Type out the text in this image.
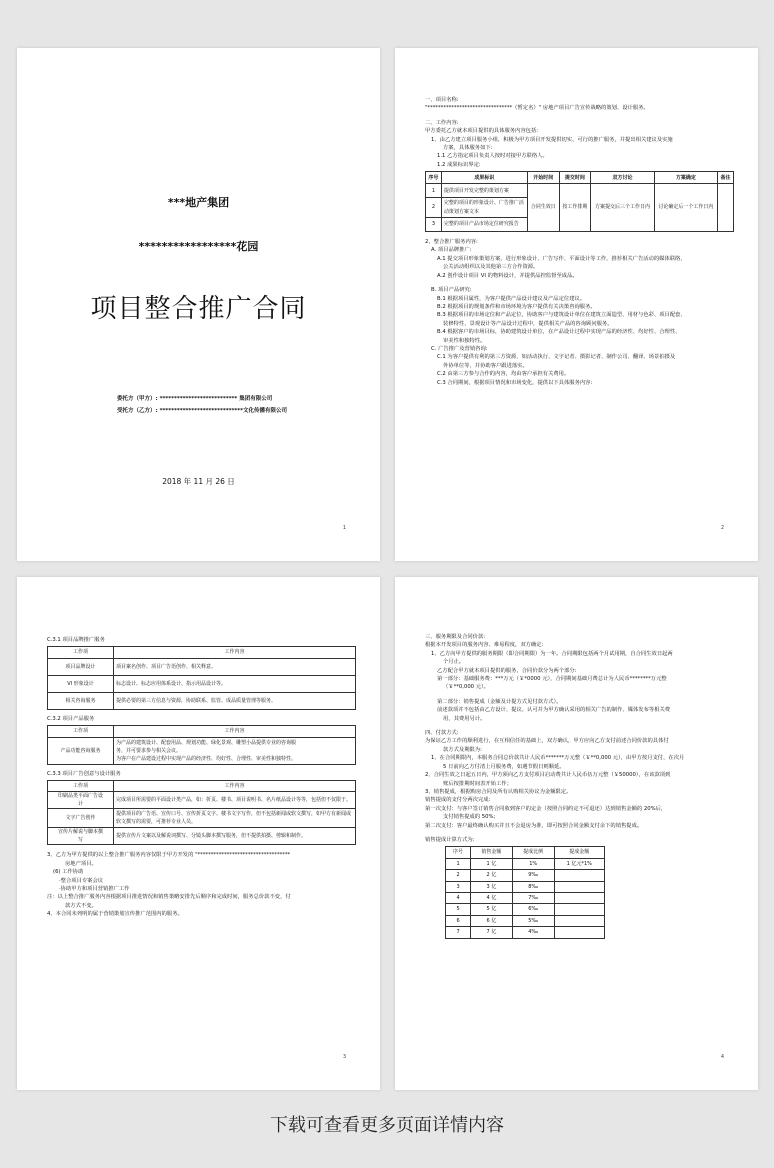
***地产集团
*****************花园
项目整合推广合同
委托方（甲方）: *************************** 集团有限公司
受托方（乙方）: *****************************文化传播有限公司
2018 年 11 月 26 日
1

一、项目名称:

"********************************（暂定名）" 房地产项目广告宣传战略的策划、设计服务。

二、工作内容:

甲方委托乙方就本项目提供的具体服务内容包括:

1、由乙方建立项目服务小组，积极为甲方项目开发提供切实、可行的推广服务，并提出相关建议及实施

方案，具体服务如下:

1.1 乙方指定项目负责人按时对接甲方联络人。

1.2 成果标识界定:

序号	成果标识	开始时间	提交时间	双方讨论	方案确定	备注
1	提供项目开发完整的策划方案	合同生效日	按工作排期	方案提交后三个工作日内	讨论确定后一个工作日内	
2	完整的项目的形象设计、广告推广活动策划方案文本					
3	完整的项目产品市场定位研究报告					

2、整合推广服务内容:

A. 项目品牌推广:

A.1 提交项目形象策划方案，进行形象设计、广告写作、平面设计等工作，推荐相关广告活动的媒体联络，

公关活动组织以及其他第三方合作资源。

A.2 创作设计项目 VI 的物料设计，并提供品控监督至成品。

B. 项目产品研究:

B.1 根据项目属性，为客户提供产品设计建议及产品定位建议。

B.2 根据项目的规划条件和市场环境为客户提供有关决策咨询服务。

B.3 根据项目的市场定位和产品定位，协助客户与建筑设计单位在建筑立面造型、用材与色彩、项目配套、

装修特性、景观设计等产品设计过程中，提供相关产品的咨询顾问服务。

B.4 根据客户的市场目标，协助建筑设计单位，在产品设计过程中实现产品的经济性、均好性、合理性、

审美性和独特性。

C. 广告推广及营销咨询:

C.1 为客户提供有利的第三方资源，如活动执行、文字记者、摄影记者、制作公司、翻译、场景拍摄及

外协单位等，并协助客户跟进落实。

C.2 由第三方参与合作的内容，均由客户承担有关费用。

C.3 合同期间，根据项目情况和市场变化，提供以下具体服务内容:

2
C.3.1 项目品牌推广服务
工作项	工作内容
项目品牌设计	项目案名创作、项目广告语创作、相关释意。
VI 形象设计	标志设计、标志应用体系设计、指示用品设计等。
相关咨询服务	提供必要的第三方信息与资源，协助联系、监管、成品质量管理等服务。
C.3.2 项目产品服务
工作项	工作内容
产品功能咨询服务	为产品的建筑设计、配套用品、规划功能、绿化景观、雕塑小品提供专业的咨询服
务，并可要求参与相关会议。
为客户在产品建设过程中实现产品的经济性、均好性、合理性、审美性和独特性。
C.3.3 项目广告创意与设计服务
工作项	工作内容
印刷品类平面广告设计	完成项目所需要的平面设计类产品，如：折页、楼书、项目说明书、名片纸品设计等等，包括但不仅限于。
文字广告创作	提供项目的广告语、宣传口号、宣传折页文字、楼书文字写作，但不包括新闻或软文撰写，如甲方有新闻或软文撰写的需要，可推荐专业人员。
宣传片解说与脚本撰写	提供宣传片文案以及解说词撰写、分镜头脚本撰写服务，但不提供拍摄、剪辑和制作。

3、乙方为甲方提供的以上整合推广服务内容仅限于甲方开发的 "***********************************

房地产项目。

(6) 工作协助

·整合项目专案会议

·协助甲方和项目营销推广工作

注：以上整合推广服务内容根据项目推进情况和销售策略安排先后顺序和完成时间，服务总价款不变，付

款方式不变。

4、本合同未列明的属于营销策划宣传推广范围内的服务。

3

三、服务期限及合同价款:

根据本开发项目的服务内容、难易程度，双方确定:

1、乙方向甲方提供的服务期限（即合同期限）为一年。合同期限包括两个月试用期，自合同生效日起两

个月止。

乙方配合甲方就本项目提供的服务，合同价款分为两个部分:

第一部分：基础服务费：***万元（￥*0000 元），合同期间基础月费总计为人民币********万元整

（￥**0,000 元）。

第二部分：销售提成（金额及计提方式见付款方式）。

前述款项并不包括由乙方设计、提议、认可并为甲方确认采用的相关广告的制作、媒体发布等相关费

用，其费用另计。

四、付款方式:

为保证乙方工作的顺利进行，在互相信任的基础上，双方确认，甲方应向乙方支付前述合同价款的具体付

款方式及期限为:

1、在合同期限内，本服务合同总价款共计人民币*******万元整（￥**0,000 元），由甲方按月支付，在次月

5 日前向乙方付清上月服务费，如遇节假日则顺延。

2、合同生效之日起五日内，甲方须向乙方支付项目启动费共计人民币伍万元整（￥50000），在该款项到

账后按排期时间表开始工作；

3、销售提成，根据购房合同及所有认购相关协议为金额限定。

销售提成的支付分两次完成:

第一次支付：与客户签订销售合同收到客户的定金（按照合同约定不可退还）达到销售金额的 20%后，

支付销售提成的 50%;

第二次支付：客户最终确认购买并且不会退房为准，即可按照合同金额支付余下的销售提成。

销售提成计算方式为:

序号	销售金额	提成比例	提成金额
1	1 亿	1%	1 亿元*1%
2	2 亿	9‰	
3	3 亿	8‰	
4	4 亿	7‰	
5	5 亿	6‰	
6	6 亿	5‰	
7	7 亿	4‰	
4
下载可查看更多页面详情内容
